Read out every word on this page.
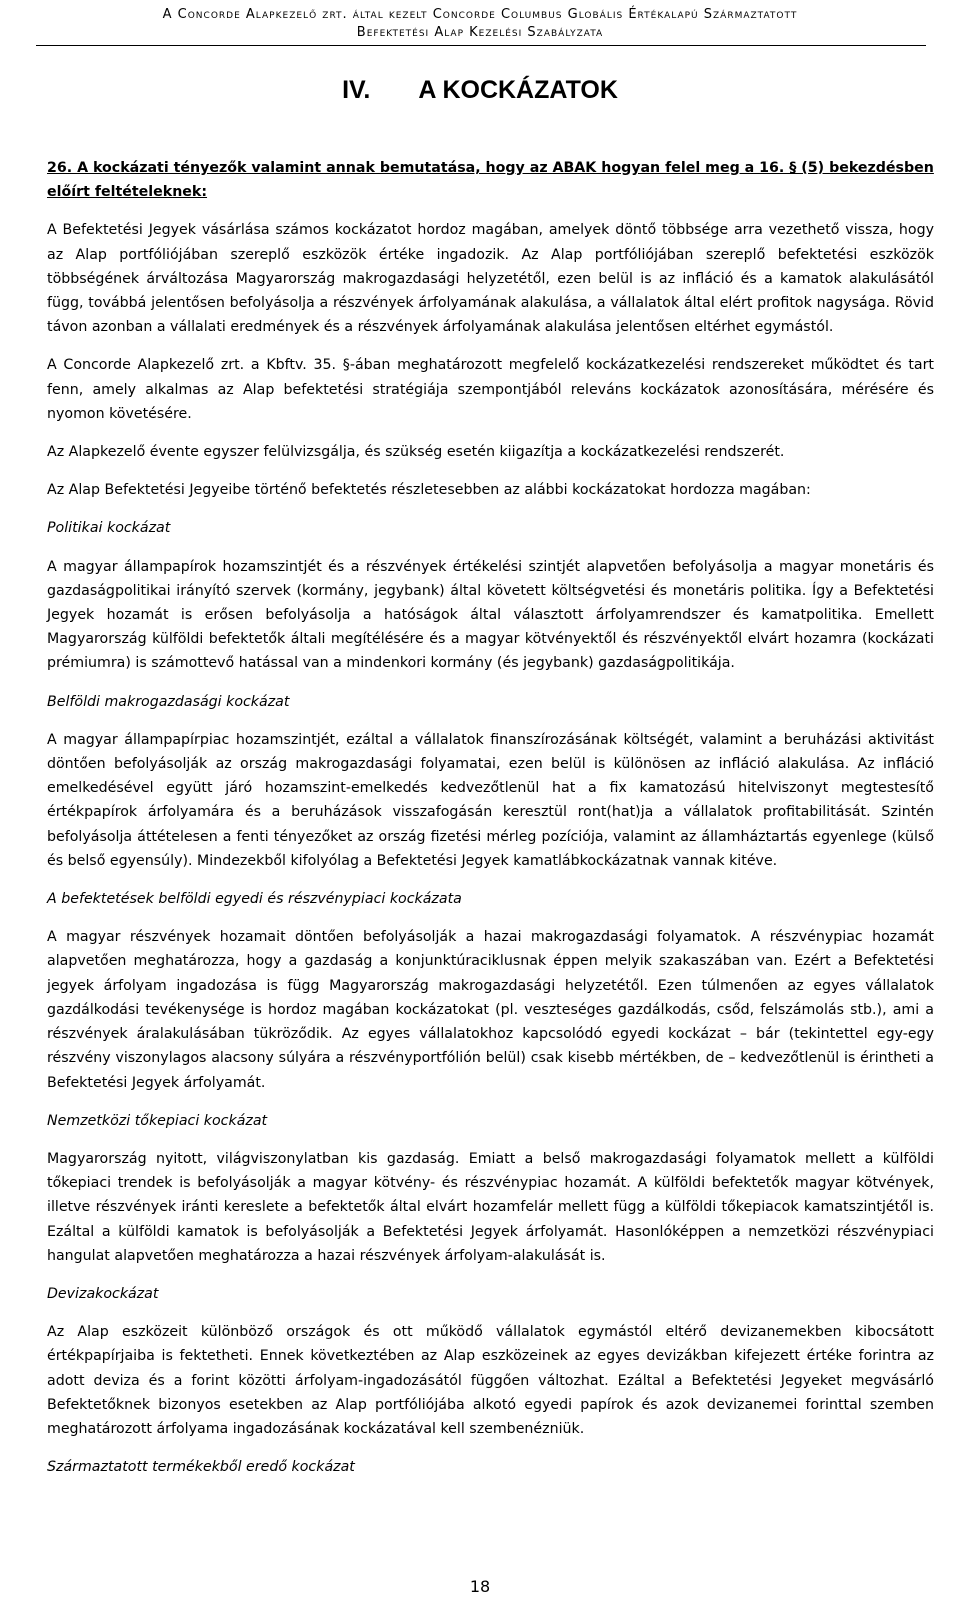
A Concorde Alapkezelő zrt. által kezelt Concorde Columbus Globális Értékalapú Származtatott
Befektetési Alap Kezelési Szabályzata
IV. A KOCKÁZATOK
26. A kockázati tényezők valamint annak bemutatása, hogy az ABAK hogyan felel meg a 16. § (5) bekezdésben előírt feltételeknek:

A Befektetési Jegyek vásárlása számos kockázatot hordoz magában, amelyek döntő többsége arra vezethető vissza, hogy az Alap portfóliójában szereplő eszközök értéke ingadozik. Az Alap portfóliójában szereplő befektetési eszközök többségének árváltozása Magyarország makrogazdasági helyzetétől, ezen belül is az infláció és a kamatok alakulásától függ, továbbá jelentősen befolyásolja a részvények árfolyamának alakulása, a vállalatok által elért profitok nagysága. Rövid távon azonban a vállalati eredmények és a részvények árfolyamának alakulása jelentősen eltérhet egymástól.

A Concorde Alapkezelő zrt. a Kbftv. 35. §-ában meghatározott megfelelő kockázatkezelési rendszereket működtet és tart fenn, amely alkalmas az Alap befektetési stratégiája szempontjából releváns kockázatok azonosítására, mérésére és nyomon követésére.

Az Alapkezelő évente egyszer felülvizsgálja, és szükség esetén kiigazítja a kockázatkezelési rendszerét.

Az Alap Befektetési Jegyeibe történő befektetés részletesebben az alábbi kockázatokat hordozza magában:

Politikai kockázat

A magyar állampapírok hozamszintjét és a részvények értékelési szintjét alapvetően befolyásolja a magyar monetáris és gazdaságpolitikai irányító szervek (kormány, jegybank) által követett költségvetési és monetáris politika. Így a Befektetési Jegyek hozamát is erősen befolyásolja a hatóságok által választott árfolyamrendszer és kamatpolitika. Emellett Magyarország külföldi befektetők általi megítélésére és a magyar kötvényektől és részvényektől elvárt hozamra (kockázati prémiumra) is számottevő hatással van a mindenkori kormány (és jegybank) gazdaságpolitikája.

Belföldi makrogazdasági kockázat

A magyar állampapírpiac hozamszintjét, ezáltal a vállalatok finanszírozásának költségét, valamint a beruházási aktivitást döntően befolyásolják az ország makrogazdasági folyamatai, ezen belül is különösen az infláció alakulása. Az infláció emelkedésével együtt járó hozamszint-emelkedés kedvezőtlenül hat a fix kamatozású hitelviszonyt megtestesítő értékpapírok árfolyamára és a beruházások visszafogásán keresztül ront(hat)ja a vállalatok profitabilitását. Szintén befolyásolja áttételesen a fenti tényezőket az ország fizetési mérleg pozíciója, valamint az államháztartás egyenlege (külső és belső egyensúly). Mindezekből kifolyólag a Befektetési Jegyek kamatlábkockázatnak vannak kitéve.

A befektetések belföldi egyedi és részvénypiaci kockázata

A magyar részvények hozamait döntően befolyásolják a hazai makrogazdasági folyamatok. A részvénypiac hozamát alapvetően meghatározza, hogy a gazdaság a konjunktúraciklusnak éppen melyik szakaszában van. Ezért a Befektetési jegyek árfolyam ingadozása is függ Magyarország makrogazdasági helyzetétől. Ezen túlmenően az egyes vállalatok gazdálkodási tevékenysége is hordoz magában kockázatokat (pl. veszteséges gazdálkodás, csőd, felszámolás stb.), ami a részvények áralakulásában tükröződik. Az egyes vállalatokhoz kapcsolódó egyedi kockázat – bár (tekintettel egy-egy részvény viszonylagos alacsony súlyára a részvényportfólión belül) csak kisebb mértékben, de – kedvezőtlenül is érintheti a Befektetési Jegyek árfolyamát.

Nemzetközi tőkepiaci kockázat

Magyarország nyitott, világviszonylatban kis gazdaság. Emiatt a belső makrogazdasági folyamatok mellett a külföldi tőkepiaci trendek is befolyásolják a magyar kötvény- és részvénypiac hozamát. A külföldi befektetők magyar kötvények, illetve részvények iránti kereslete a befektetők által elvárt hozamfelár mellett függ a külföldi tőkepiacok kamatszintjétől is. Ezáltal a külföldi kamatok is befolyásolják a Befektetési Jegyek árfolyamát. Hasonlóképpen a nemzetközi részvénypiaci hangulat alapvetően meghatározza a hazai részvények árfolyam-alakulását is.

Devizakockázat

Az Alap eszközeit különböző országok és ott működő vállalatok egymástól eltérő devizanemekben kibocsátott értékpapírjaiba is fektetheti. Ennek következtében az Alap eszközeinek az egyes devizákban kifejezett értéke forintra az adott deviza és a forint közötti árfolyam-ingadozásától függően változhat. Ezáltal a Befektetési Jegyeket megvásárló Befektetőknek bizonyos esetekben az Alap portfóliójába alkotó egyedi papírok és azok devizanemei forinttal szemben meghatározott árfolyama ingadozásának kockázatával kell szembenézniük.

Származtatott termékekből eredő kockázat
18
